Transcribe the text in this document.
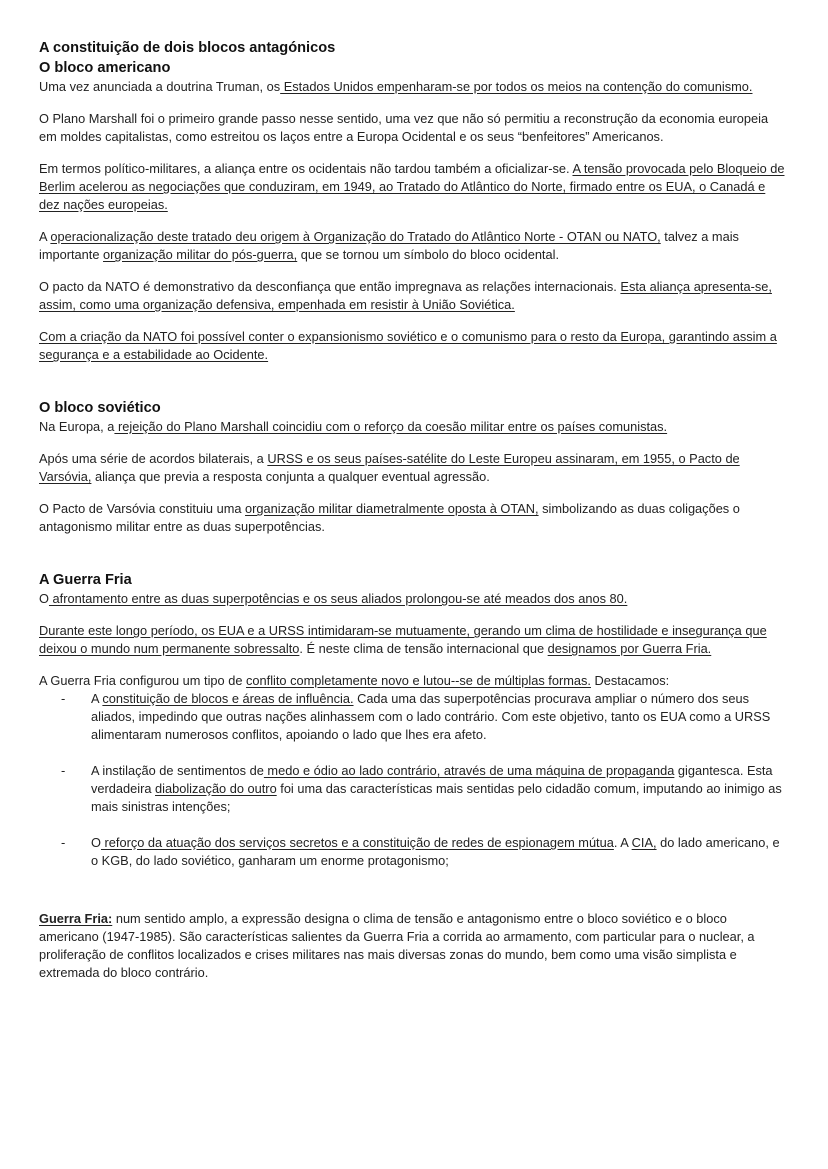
A constituição de dois blocos antagónicos
O bloco americano

Uma vez anunciada a doutrina Truman, os Estados Unidos empenharam-se por todos os meios na contenção do comunismo.

O Plano Marshall foi o primeiro grande passo nesse sentido, uma vez que não só permitiu a reconstrução da economia europeia em moldes capitalistas, como estreitou os laços entre a Europa Ocidental e os seus “benfeitores” Americanos.

Em termos político-militares, a aliança entre os ocidentais não tardou também a oficializar-se. A tensão provocada pelo Bloqueio de Berlim acelerou as negociações que conduziram, em 1949, ao Tratado do Atlântico do Norte, firmado entre os EUA, o Canadá e dez nações europeias.

A operacionalização deste tratado deu origem à Organização do Tratado do Atlântico Norte - OTAN ou NATO, talvez a mais importante organização militar do pós-guerra, que se tornou um símbolo do bloco ocidental.

O pacto da NATO é demonstrativo da desconfiança que então impregnava as relações internacionais. Esta aliança apresenta-se, assim, como uma organização defensiva, empenhada em resistir à União Soviética.

Com a criação da NATO foi possível conter o expansionismo soviético e o comunismo para o resto da Europa, garantindo assim a segurança e a estabilidade ao Ocidente.

O bloco soviético

Na Europa, a rejeição do Plano Marshall coincidiu com o reforço da coesão militar entre os países comunistas.

Após uma série de acordos bilaterais, a URSS e os seus países-satélite do Leste Europeu assinaram, em 1955, o Pacto de Varsóvia, aliança que previa a resposta conjunta a qualquer eventual agressão.

O Pacto de Varsóvia constituiu uma organização militar diametralmente oposta à OTAN, simbolizando as duas coligações o antagonismo militar entre as duas superpotências.

A Guerra Fria

O afrontamento entre as duas superpotências e os seus aliados prolongou-se até meados dos anos 80.

Durante este longo período, os EUA e a URSS intimidaram-se mutuamente, gerando um clima de hostilidade e insegurança que deixou o mundo num permanente sobressalto. É neste clima de tensão internacional que designamos por Guerra Fria.

A Guerra Fria configurou um tipo de conflito completamente novo e lutou--se de múltiplas formas. Destacamos:

- A constituição de blocos e áreas de influência. Cada uma das superpotências procurava ampliar o número dos seus aliados, impedindo que outras nações alinhassem com o lado contrário. Com este objetivo, tanto os EUA como a URSS alimentaram numerosos conflitos, apoiando o lado que lhes era afeto.
- A instilação de sentimentos de medo e ódio ao lado contrário, através de uma máquina de propaganda gigantesca. Esta verdadeira diabolização do outro foi uma das características mais sentidas pelo cidadão comum, imputando ao inimigo as mais sinistras intenções;
- O reforço da atuação dos serviços secretos e a constituição de redes de espionagem mútua. A CIA, do lado americano, e o KGB, do lado soviético, ganharam um enorme protagonismo;

Guerra Fria: num sentido amplo, a expressão designa o clima de tensão e antagonismo entre o bloco soviético e o bloco americano (1947-1985). São características salientes da Guerra Fria a corrida ao armamento, com particular para o nuclear, a proliferação de conflitos localizados e crises militares nas mais diversas zonas do mundo, bem como uma visão simplista e extremada do bloco contrário.
